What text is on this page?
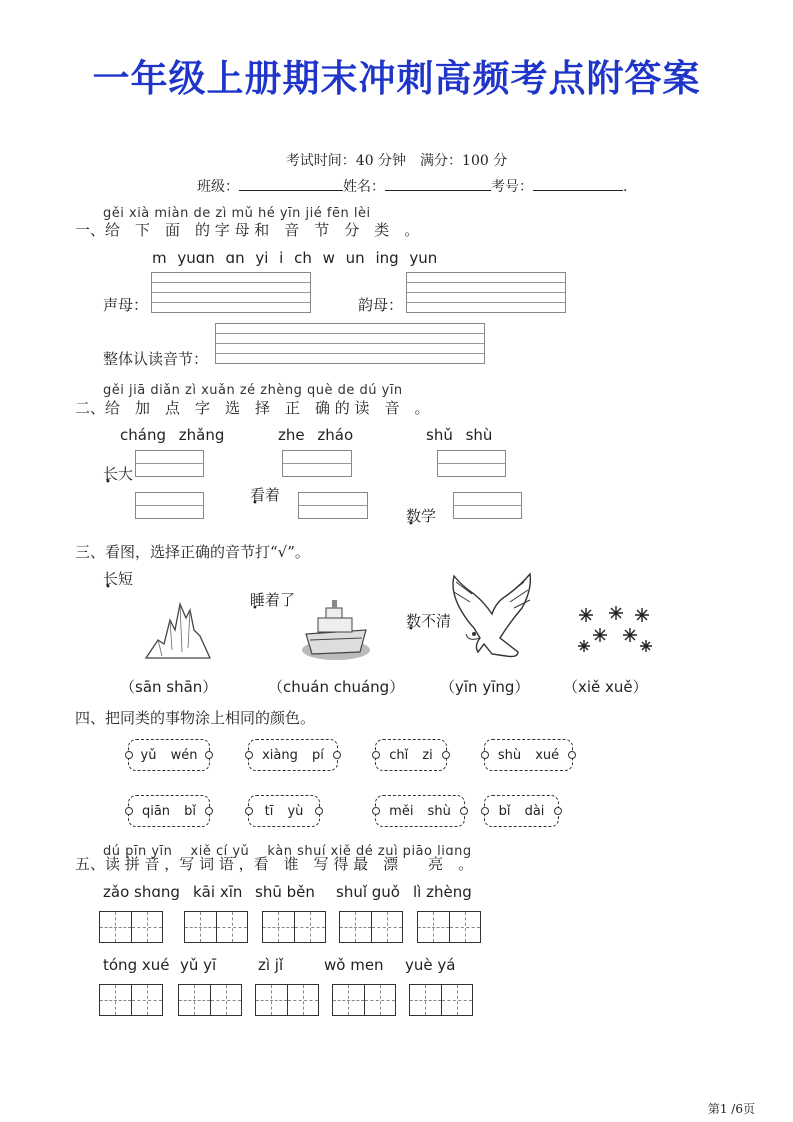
一年级上册期末冲刺高频考点附答案
考试时间：40 分钟　满分：100 分
班级：	姓名：	考号：	.
gěi xià miàn de zì mǔ hé yīn jié fēn lèi
一、给　下　面　的 字 母 和　音　节　分　类　。
m yuɑn ɑn yi i ch w un ing yun
声母：	韵母：
整体认读音节：
gěi jiā diǎn zì xuǎn zé zhèng què de dú yīn
二、给　加　点　字　选　择　正　确 的 读　音　。
cháng zhǎng	zhe zháo	shǔ shù
长大 •
看着 •
数学 •
长短 •
睡着了 •
数不清 •
三、看图，选择正确的音节打“√”。
（sān shān）	（chuán chuáng） （yīn yīng） （xiě xuě）
四、把同类的事物涂上相同的颜色。
yǔ wén	xiàng pí	chǐ zi	shù xué
qiān bǐ	tī yù	měi shù	bǐ dài
dú pīn yīn　 xiě cí yǔ　 kàn shuí xiě dé zuì piāo liɑng
五、读 拼 音 ，写 词 语 ，看　谁　写 得 最　漂　　亮　。
zǎo shɑng kāi xīn shū běn shuǐ guǒ lì zhèng
tóng xué yǔ yī	zì jǐ	wǒ men yuè yá
第1 /6页
